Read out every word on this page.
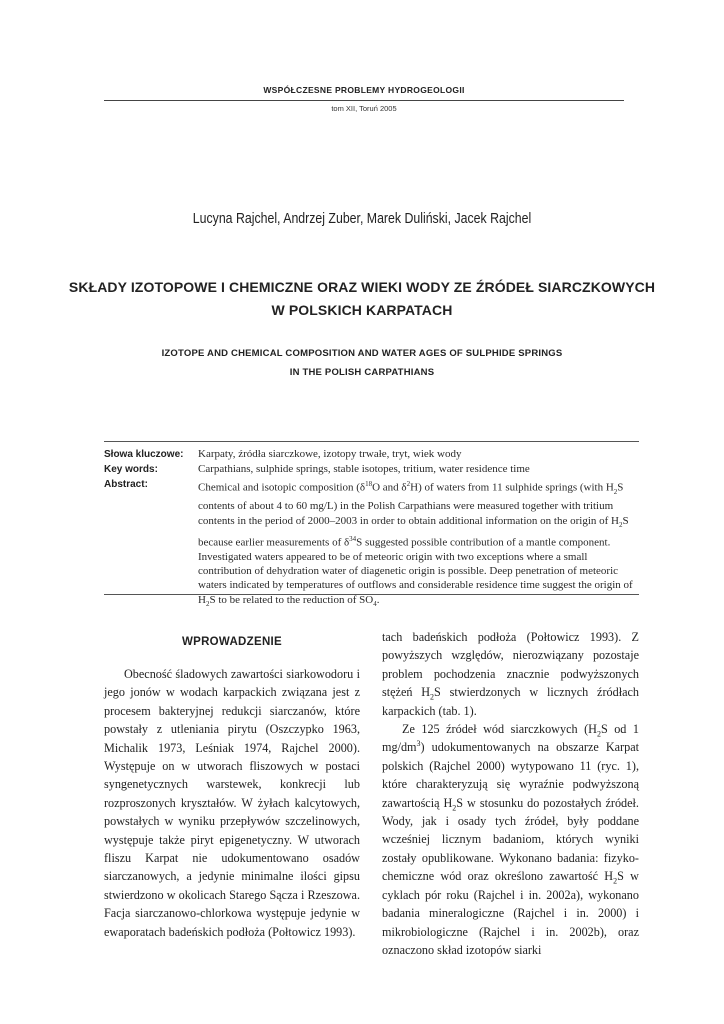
WSPÓŁCZESNE PROBLEMY HYDROGEOLOGII
tom XII, Toruń 2005
Lucyna Rajchel, Andrzej Zuber, Marek Duliński, Jacek Rajchel
SKŁADY IZOTOPOWE I CHEMICZNE ORAZ WIEKI WODY ZE ŹRÓDEŁ SIARCZKOWYCH
W POLSKICH KARPATACH
IZOTOPE AND CHEMICAL COMPOSITION AND WATER AGES OF SULPHIDE SPRINGS
IN THE POLISH CARPATHIANS
Słowa kluczowe:	Karpaty, źródła siarczkowe, izotopy trwałe, tryt, wiek wody
Key words:	Carpathians, sulphide springs, stable isotopes, tritium, water residence time
Abstract:	Chemical and isotopic composition ($\delta^{18}O$ and $\delta^2H$) of waters from 11 sulphide springs (with $H_2S$ contents of about 4 to 60 mg/L) in the Polish Carpathians were measured together with tritium contents in the period of 2000–2003 in order to obtain additional information on the origin of $H_2S$ because earlier measurements of $\delta^{34}S$ suggested possible contribution of a mantle component. Investigated waters appeared to be of meteoric origin with two exceptions where a small contribution of dehydration water of diagenetic origin is possible. Deep penetration of meteoric waters indicated by temperatures of outflows and considerable residence time suggest the origin of $H_2S$ to be related to the reduction of $SO_4$.
WPROWADZENIE

Obecność śladowych zawartości siarkowodoru i jego jonów w wodach karpackich związana jest z procesem bakteryjnej redukcji siarczanów, które powstały z utleniania pirytu (Oszczypko 1963, Michalik 1973, Leśniak 1974, Rajchel 2000). Występuje on w utworach fliszowych w postaci syngenetycznych warstewek, konkrecji lub rozproszonych kryształów. W żyłach kalcytowych, powstałych w wyniku przepływów szczelinowych, występuje także piryt epigenetyczny. W utworach fliszu Karpat nie udokumentowano osadów siarczanowych, a jedynie minimalne ilości gipsu stwierdzono w okolicach Starego Sącza i Rzeszowa. Facja siarczanowo-chlorkowa występuje jedynie w ewaporatach badeńskich podłoża (Połtowicz 1993).

tach badeńskich podłoża (Połtowicz 1993). Z powyższych względów, nierozwiązany pozostaje problem pochodzenia znacznie podwyższonych stężeń $H_2S$ stwierdzonych w licznych źródłach karpackich (tab. 1).

Ze 125 źródeł wód siarczkowych ($H_2S$ od 1 $mg/dm^3$) udokumentowanych na obszarze Karpat polskich (Rajchel 2000) wytypowano 11 (ryc. 1), które charakteryzują się wyraźnie podwyższoną zawartością $H_2S$ w stosunku do pozostałych źródeł. Wody, jak i osady tych źródeł, były poddane wcześniej licznym badaniom, których wyniki zostały opublikowane. Wykonano badania: fizyko-chemiczne wód oraz określono zawartość $H_2S$ w cyklach pór roku (Rajchel i in. 2002a), wykonano badania mineralogiczne (Rajchel i in. 2000) i mikrobiologiczne (Rajchel i in. 2002b), oraz oznaczono skład izotopów siarki
